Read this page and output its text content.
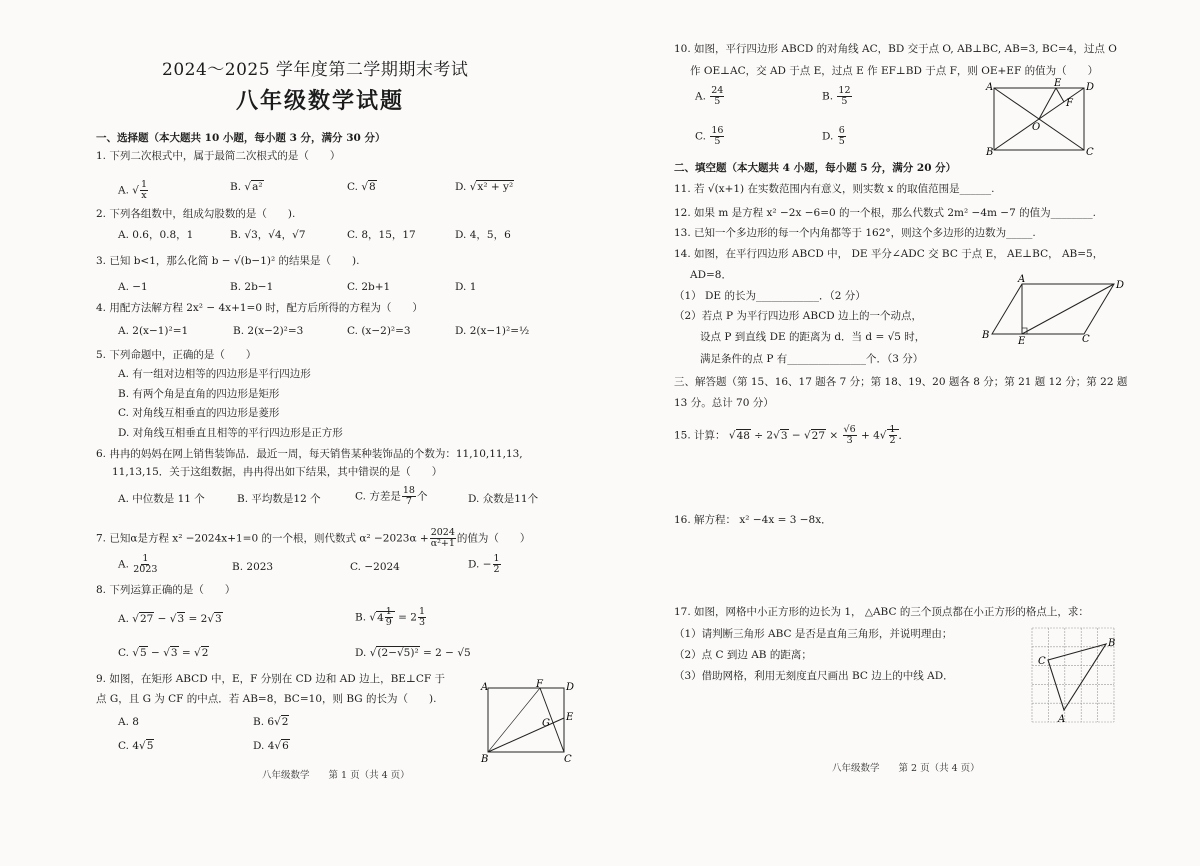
2024～2025 学年度第二学期期末考试
八年级数学试题
一、选择题（本大题共 10 小题，每小题 3 分，满分 30 分）
1. 下列二次根式中，属于最简二次根式的是（　　）
A. √ $\frac{1}{x}$	B. √a²	C. √8	D. √x² + y²
2. 下列各组数中，组成勾股数的是（　　).
A. 0.6，0.8，1	B. √3，√4，√7	C. 8，15，17	D. 4，5，6
3. 已知 b<1，那么化简 b − √(b−1)² 的结果是（　　).
A. −1	B. 2b−1	C. 2b+1	D. 1
4. 用配方法解方程 2x² − 4x+1=0 时，配方后所得的方程为（　　）
A. 2(x−1)²=1	B. 2(x−2)²=3	C. (x−2)²=3	D. 2(x−1)²=½
5. 下列命题中，正确的是（　　）
A. 有一组对边相等的四边形是平行四边形
B. 有两个角是直角的四边形是矩形
C. 对角线互相垂直的四边形是菱形
D. 对角线互相垂直且相等的平行四边形是正方形
6. 冉冉的妈妈在网上销售装饰品．最近一周，每天销售某种装饰品的个数为：11,10,11,13,
11,13,15．关于这组数据，冉冉得出如下结果，其中错误的是（　　）
A. 中位数是 11 个	B. 平均数是12 个	C. 方差是 $\frac{18}{7}$ 个	D. 众数是11个
7. 已知α是方程 x² −2024x+1=0 的一个根，则代数式 $\alpha^2 -2023\alpha + \frac{2024}{\text{α²+1}}$ 的值为（　　）
A. $\frac{1}{2023}$	B. 2023	C. −2024	D. − $\frac{1}{2}$
8. 下列运算正确的是（　　）
A. √27 − √3 = 2√3	B. $√4 \frac{1}{9} = 2 \frac{1}{3}$
C. √5 − √3 = √2	D. √(2−√5)² = 2 − √5
9. 如图，在矩形 ABCD 中，E，F 分别在 CD 边和 AD 边上，BE⊥CF 于
点 G，且 G 为 CF 的中点．若 AB=8，BC=10，则 BG 的长为（　　).
A. 8	B. 6√2
C. 4√5	D. 4√6
A	F D
E
G
B	C
八年级数学　　第 1 页（共 4 页）
10. 如图，平行四边形 ABCD 的对角线 AC，BD 交于点 O, AB⊥BC, AB=3, BC=4，过点 O
作 OE⊥AC，交 AD 于点 E，过点 E 作 EF⊥BD 于点 F，则 OE+EF 的值为（　　）
A. $\frac{24}{5}$	B. $\frac{12}{5}$
C. $\frac{16}{5}$	D. $\frac{6}{5}$
A	E D
F
O
B	C
二、填空题（本大题共 4 小题，每小题 5 分，满分 20 分）
11. 若 √(x+1) 在实数范围内有意义，则实数 x 的取值范围是______.
12. 如果 m 是方程 x² −2x −6=0 的一个根，那么代数式 2m² −4m −7 的值为________.
13. 已知一个多边形的每一个内角都等于 162°，则这个多边形的边数为_____.
14. 如图，在平行四边形 ABCD 中， DE 平分∠ADC 交 BC 于点 E， AE⊥BC， AB=5，
AD=8．
（1） DE 的长为____________．（2 分）
（2）若点 P 为平行四边形 ABCD 边上的一个动点，
设点 P 到直线 DE 的距离为 d．当 d = √5 时，
满足条件的点 P 有_______________个．（3 分）
A
D
B
E	C
三、解答题（第 15、16、17 题各 7 分；第 18、19、20 题各 8 分；第 21 题 12 分；第 22 题
13 分。总计 70 分）
15. 计算： $√48 \div 2√3 - √27 \times \frac{√6}{3} + 4√ \frac{1}{2}$ ．
16. 解方程： x² −4x = 3 −8x．
17. 如图，网格中小正方形的边长为 1， △ABC 的三个顶点都在小正方形的格点上，求：
（1）请判断三角形 ABC 是否是直角三角形，并说明理由；
（2）点 C 到边 AB 的距离；
（3）借助网格，利用无刻度直尺画出 BC 边上的中线 AD．
C
B
A
八年级数学　　第 2 页（共 4 页）
